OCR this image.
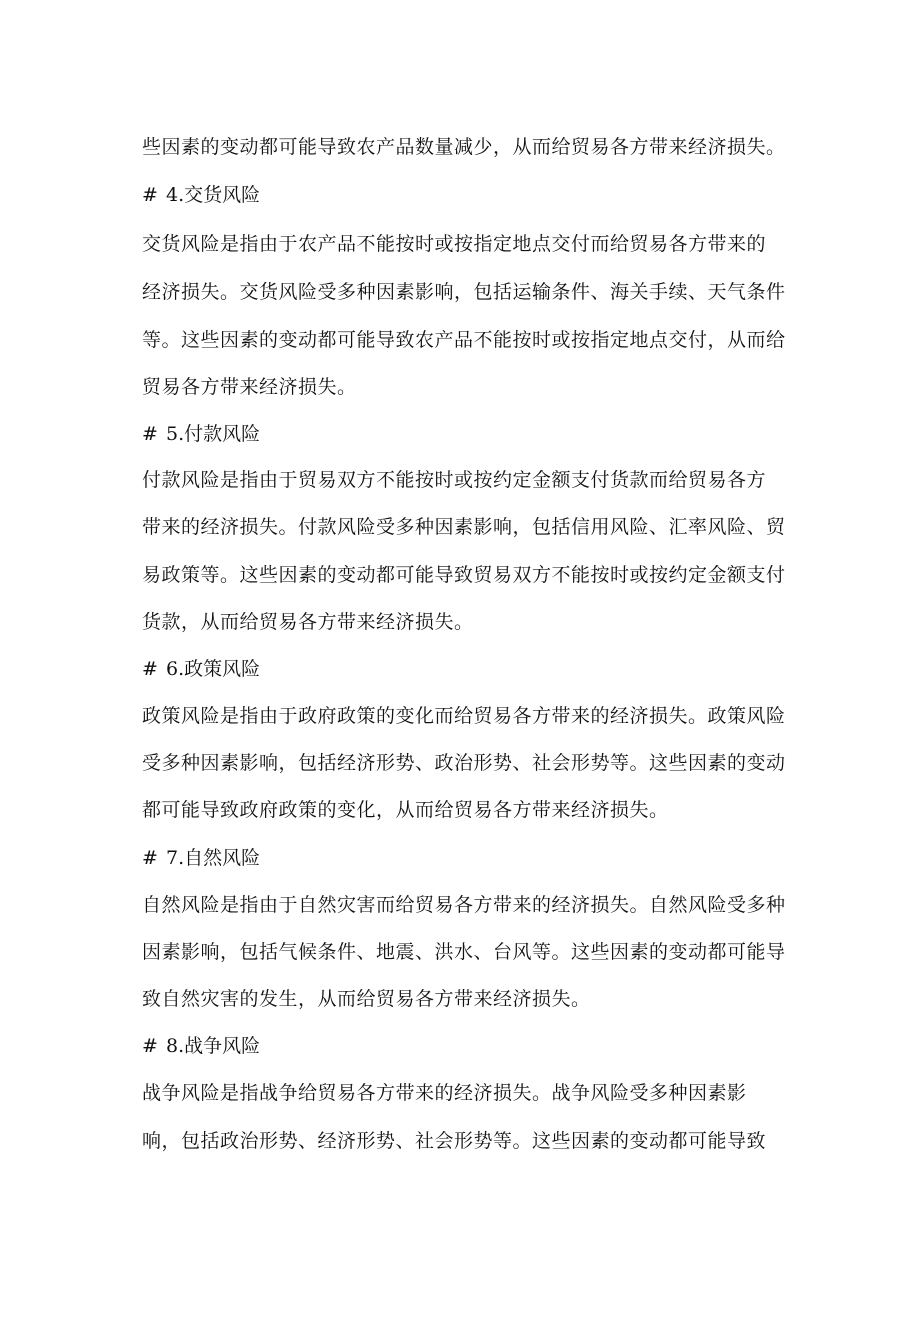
些因素的变动都可能导致农产品数量减少，从而给贸易各方带来经济损失。
# 4.交货风险
交货风险是指由于农产品不能按时或按指定地点交付而给贸易各方带来的
经济损失。交货风险受多种因素影响，包括运输条件、海关手续、天气条件
等。这些因素的变动都可能导致农产品不能按时或按指定地点交付，从而给
贸易各方带来经济损失。
# 5.付款风险
付款风险是指由于贸易双方不能按时或按约定金额支付货款而给贸易各方
带来的经济损失。付款风险受多种因素影响，包括信用风险、汇率风险、贸
易政策等。这些因素的变动都可能导致贸易双方不能按时或按约定金额支付
货款，从而给贸易各方带来经济损失。
# 6.政策风险
政策风险是指由于政府政策的变化而给贸易各方带来的经济损失。政策风险
受多种因素影响，包括经济形势、政治形势、社会形势等。这些因素的变动
都可能导致政府政策的变化，从而给贸易各方带来经济损失。
# 7.自然风险
自然风险是指由于自然灾害而给贸易各方带来的经济损失。自然风险受多种
因素影响，包括气候条件、地震、洪水、台风等。这些因素的变动都可能导
致自然灾害的发生，从而给贸易各方带来经济损失。
# 8.战争风险
战争风险是指战争给贸易各方带来的经济损失。战争风险受多种因素影
响，包括政治形势、经济形势、社会形势等。这些因素的变动都可能导致
